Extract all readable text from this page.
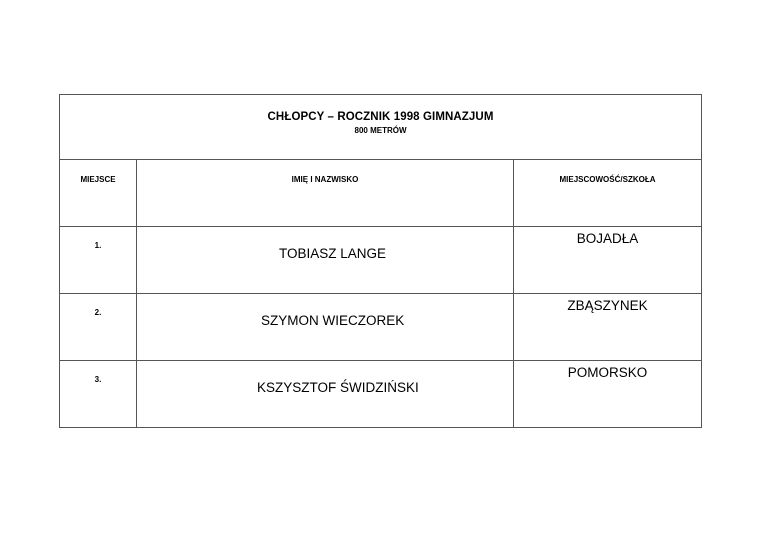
CHŁOPCY – ROCZNIK 1998 GIMNAZJUM
800 METRÓW		

MIEJSCE	IMIĘ I NAZWISKO	MIEJSCOWOŚĆ/SZKOŁA

1.	TOBIASZ LANGE	BOJADŁA

2.	SZYMON WIECZOREK	ZBĄSZYNEK

3.	KSZYSZTOF ŚWIDZIŃSKI	POMORSKO
